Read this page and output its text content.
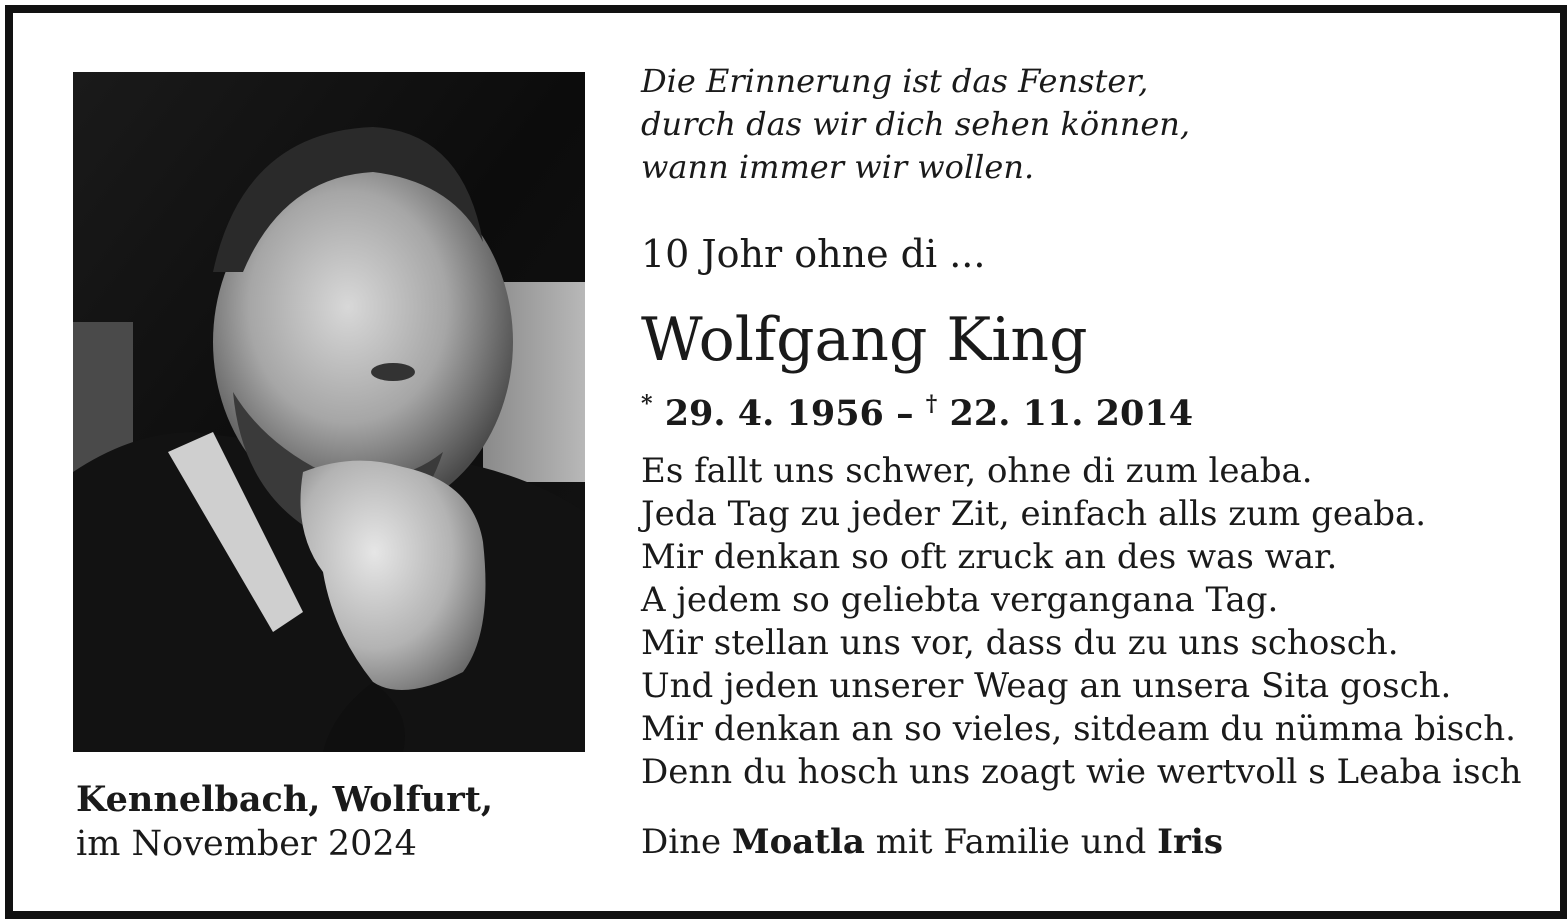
Kennelbach, Wolfurt,
im November 2024
Die Erinnerung ist das Fenster,
durch das wir dich sehen können,
wann immer wir wollen.
10 Johr ohne di ...
Wolfgang King
* 29. 4. 1956 – † 22. 11. 2014
Es fallt uns schwer, ohne di zum leaba.
Jeda Tag zu jeder Zit, einfach alls zum geaba.
Mir denkan so oft zruck an des was war.
A jedem so geliebta vergangana Tag.
Mir stellan uns vor, dass du zu uns schosch.
Und jeden unserer Weag an unsera Sita gosch.
Mir denkan an so vieles, sitdeam du nümma bisch.
Denn du hosch uns zoagt wie wertvoll s Leaba isch
Dine Moatla mit Familie und Iris
